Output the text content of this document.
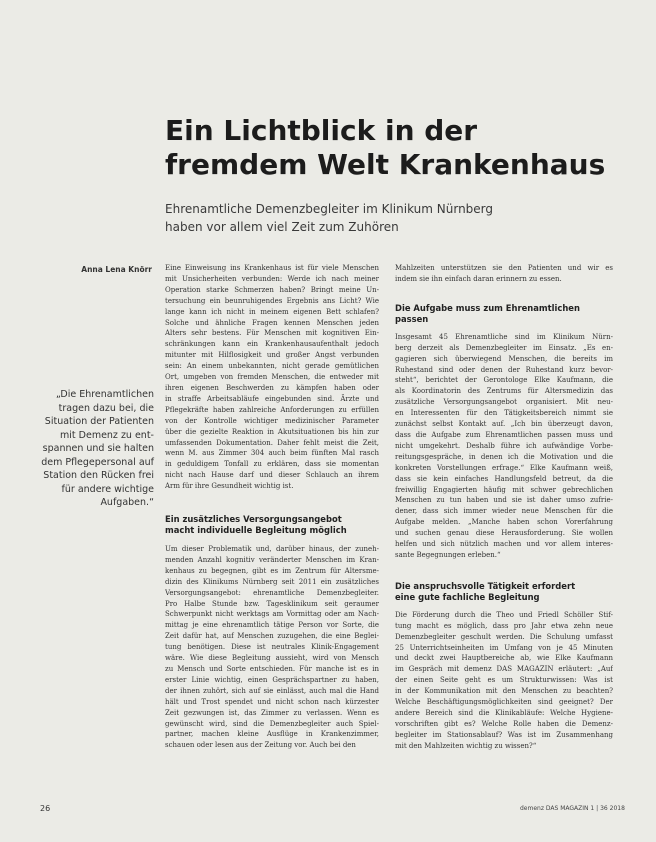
Ein Lichtblick in der
fremdem Welt Krankenhaus

Ehrenamtliche Demenzbegleiter im Klinikum Nürnberg
haben vor allem viel Zeit zum Zuhören

Anna Lena Knörr

„Die Ehrenamtlichen
tragen dazu bei, die
Situation der Patienten
mit Demenz zu ent-
spannen und sie halten
dem Pflegepersonal auf
Station den Rücken frei
für andere wichtige
Aufgaben.“

Eine Einweisung ins Krankenhaus ist für viele Menschen
mit Unsicherheiten verbunden: Werde ich nach meiner
Operation starke Schmerzen haben? Bringt meine Un-
tersuchung ein beunruhigendes Ergebnis ans Licht? Wie
lange kann ich nicht in meinem eigenen Bett schlafen?
Solche und ähnliche Fragen kennen Menschen jeden
Alters sehr bestens. Für Menschen mit kognitiven Ein-
schränkungen kann ein Krankenhausaufenthalt jedoch
mitunter mit Hilflosigkeit und großer Angst verbunden
sein: An einem unbekannten, nicht gerade gemütlichen
Ort, umgeben von fremden Menschen, die entweder mit
ihren eigenen Beschwerden zu kämpfen haben oder
in straffe Arbeitsabläufe eingebunden sind. Ärzte und
Pflegekräfte haben zahlreiche Anforderungen zu erfüllen
von der Kontrolle wichtiger medizinischer Parameter
über die gezielte Reaktion in Akutsituationen bis hin zur
umfassenden Dokumentation. Daher fehlt meist die Zeit,
wenn M. aus Zimmer 304 auch beim fünften Mal rasch
in geduldigem Tonfall zu erklären, dass sie momentan
nicht nach Hause darf und dieser Schlauch an ihrem
Arm für ihre Gesundheit wichtig ist.
Ein zusätzliches Versorgungsangebot
macht individuelle Begleitung möglich
Um dieser Problematik und, darüber hinaus, der zuneh-
menden Anzahl kognitiv veränderter Menschen im Kran-
kenhaus zu begegnen, gibt es im Zentrum für Altersme-
dizin des Klinikums Nürnberg seit 2011 ein zusätzliches
Versorgungsangebot: ehrenamtliche Demenzbegleiter.
Pro Halbe Stunde bzw. Tagesklinikum seit geraumer
Schwerpunkt nicht werktags am Vormittag oder am Nach-
mittag je eine ehrenamtlich tätige Person vor Sorte, die
Zeit dafür hat, auf Menschen zuzugehen, die eine Beglei-
tung benötigen. Diese ist neutrales Klinik-Engagement
wäre. Wie diese Begleitung aussieht, wird von Mensch
zu Mensch und Sorte entschieden. Für manche ist es in
erster Linie wichtig, einen Gesprächspartner zu haben,
der ihnen zuhört, sich auf sie einlässt, auch mal die Hand
hält und Trost spendet und nicht schon nach kürzester
Zeit gezwungen ist, das Zimmer zu verlassen. Wenn es
gewünscht wird, sind die Demenzbegleiter auch Spiel-
partner, machen kleine Ausflüge in Krankenzimmer,
schauen oder lesen aus der Zeitung vor. Auch bei den
Mahlzeiten unterstützen sie den Patienten und wir es
indem sie ihn einfach daran erinnern zu essen.
Die Aufgabe muss zum Ehrenamtlichen
passen
Insgesamt 45 Ehrenamtliche sind im Klinikum Nürn-
berg derzeit als Demenzbegleiter im Einsatz. „Es en-
gagieren sich überwiegend Menschen, die bereits im
Ruhestand sind oder denen der Ruhestand kurz bevor-
steht“, berichtet der Gerontologe Elke Kaufmann, die
als Koordinatorin des Zentrums für Altersmedizin das
zusätzliche Versorgungsangebot organisiert. Mit neu-
en Interessenten für den Tätigkeitsbereich nimmt sie
zunächst selbst Kontakt auf. „Ich bin überzeugt davon,
dass die Aufgabe zum Ehrenamtlichen passen muss und
nicht umgekehrt. Deshalb führe ich aufwändige Vorbe-
reitungsgespräche, in denen ich die Motivation und die
konkreten Vorstellungen erfrage.“ Elke Kaufmann weiß,
dass sie kein einfaches Handlungsfeld betreut, da die
freiwillig Engagierten häufig mit schwer gebrechlichen
Menschen zu tun haben und sie ist daher umso zufrie-
dener, dass sich immer wieder neue Menschen für die
Aufgabe melden. „Manche haben schon Vorerfahrung
und suchen genau diese Herausforderung. Sie wollen
helfen und sich nützlich machen und vor allem interes-
sante Begegnungen erleben.“
Die anspruchsvolle Tätigkeit erfordert
eine gute fachliche Begleitung
Die Förderung durch die Theo und Friedl Schöller Stif-
tung macht es möglich, dass pro Jahr etwa zehn neue
Demenzbegleiter geschult werden. Die Schulung umfasst
25 Unterrichtseinheiten im Umfang von je 45 Minuten
und deckt zwei Hauptbereiche ab, wie Elke Kaufmann
im Gespräch mit demenz DAS MAGAZIN erläutert: „Auf
der einen Seite geht es um Strukturwissen: Was ist
in der Kommunikation mit den Menschen zu beachten?
Welche Beschäftigungsmöglichkeiten sind geeignet? Der
andere Bereich sind die Klinikabläufe: Welche Hygiene-
vorschriften gibt es? Welche Rolle haben die Demenz-
begleiter im Stationsablauf? Was ist im Zusammenhang
mit den Mahlzeiten wichtig zu wissen?“
26	demenz DAS MAGAZIN 1 | 36 2018
